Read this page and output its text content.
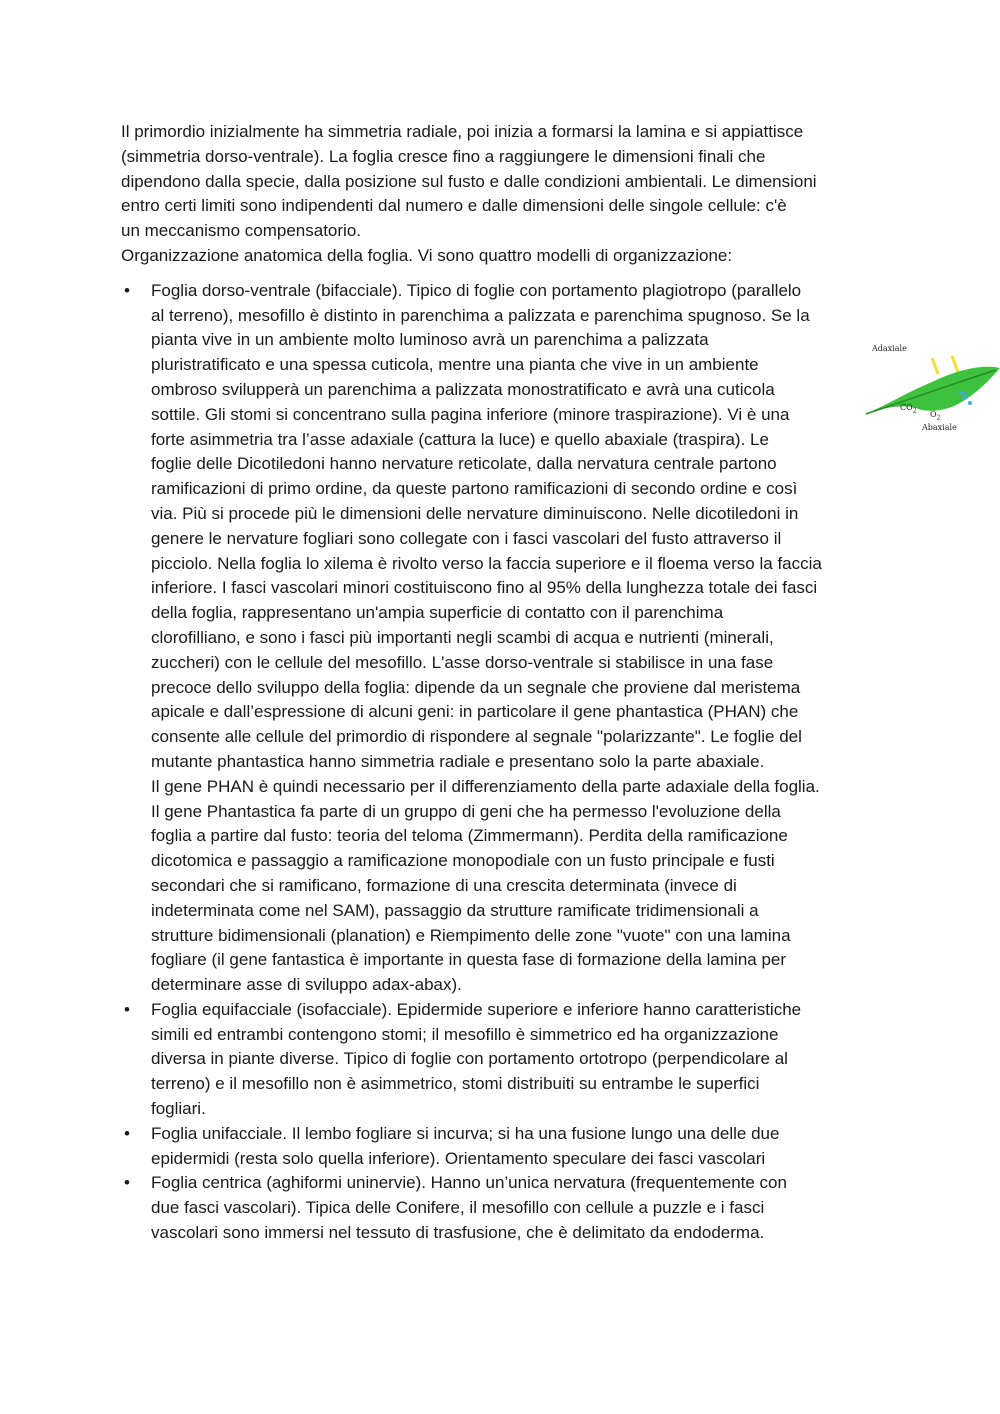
Il primordio inizialmente ha simmetria radiale, poi inizia a formarsi la lamina e si appiattisce

(simmetria dorso-ventrale). La foglia cresce fino a raggiungere le dimensioni finali che

dipendono dalla specie, dalla posizione sul fusto e dalle condizioni ambientali. Le dimensioni

entro certi limiti sono indipendenti dal numero e dalle dimensioni delle singole cellule: c'è

un meccanismo compensatorio.

Organizzazione anatomica della foglia. Vi sono quattro modelli di organizzazione:

• Foglia dorso-ventrale (bifacciale). Tipico di foglie con portamento plagiotropo (parallelo
al terreno), mesofillo è distinto in parenchima a palizzata e parenchima spugnoso. Se la
pianta vive in un ambiente molto luminoso avrà un parenchima a palizzata
pluristratificato e una spessa cuticola, mentre una pianta che vive in un ambiente
ombroso svilupperà un parenchima a palizzata monostratificato e avrà una cuticola
sottile. Gli stomi si concentrano sulla pagina inferiore (minore traspirazione). Vi è una
forte asimmetria tra l’asse adaxiale (cattura la luce) e quello abaxiale (traspira). Le
foglie delle Dicotiledoni hanno nervature reticolate, dalla nervatura centrale partono
ramificazioni di primo ordine, da queste partono ramificazioni di secondo ordine e così
via. Più si procede più le dimensioni delle nervature diminuiscono. Nelle dicotiledoni in
genere le nervature fogliari sono collegate con i fasci vascolari del fusto attraverso il
picciolo. Nella foglia lo xilema è rivolto verso la faccia superiore e il floema verso la faccia
inferiore. I fasci vascolari minori costituiscono fino al 95% della lunghezza totale dei fasci
della foglia, rappresentano un'ampia superficie di contatto con il parenchima
clorofilliano, e sono i fasci più importanti negli scambi di acqua e nutrienti (minerali,
zuccheri) con le cellule del mesofillo. L'asse dorso-ventrale si stabilisce in una fase
precoce dello sviluppo della foglia: dipende da un segnale che proviene dal meristema
apicale e dall’espressione di alcuni geni: in particolare il gene phantastica (PHAN) che
consente alle cellule del primordio di rispondere al segnale "polarizzante". Le foglie del
mutante phantastica hanno simmetria radiale e presentano solo la parte abaxiale.
Il gene PHAN è quindi necessario per il differenziamento della parte adaxiale della foglia.
Il gene Phantastica fa parte di un gruppo di geni che ha permesso l'evoluzione della
foglia a partire dal fusto: teoria del teloma (Zimmermann). Perdita della ramificazione
dicotomica e passaggio a ramificazione monopodiale con un fusto principale e fusti
secondari che si ramificano, formazione di una crescita determinata (invece di
indeterminata come nel SAM), passaggio da strutture ramificate tridimensionali a
strutture bidimensionali (planation) e Riempimento delle zone "vuote" con una lamina
fogliare (il gene fantastica è importante in questa fase di formazione della lamina per
determinare asse di sviluppo adax-abax).
• Foglia equifacciale (isofacciale). Epidermide superiore e inferiore hanno caratteristiche
simili ed entrambi contengono stomi; il mesofillo è simmetrico ed ha organizzazione
diversa in piante diverse. Tipico di foglie con portamento ortotropo (perpendicolare al
terreno) e il mesofillo non è asimmetrico, stomi distribuiti su entrambe le superfici
fogliari.
• Foglia unifacciale. Il lembo fogliare si incurva; si ha una fusione lungo una delle due
epidermidi (resta solo quella inferiore). Orientamento speculare dei fasci vascolari
• Foglia centrica (aghiformi uninervie). Hanno un’unica nervatura (frequentemente con
due fasci vascolari). Tipica delle Conifere, il mesofillo con cellule a puzzle e i fasci
vascolari sono immersi nel tessuto di trasfusione, che è delimitato da endoderma.
Adaxiale
$CO_2$ $O_2$
Abaxiale
